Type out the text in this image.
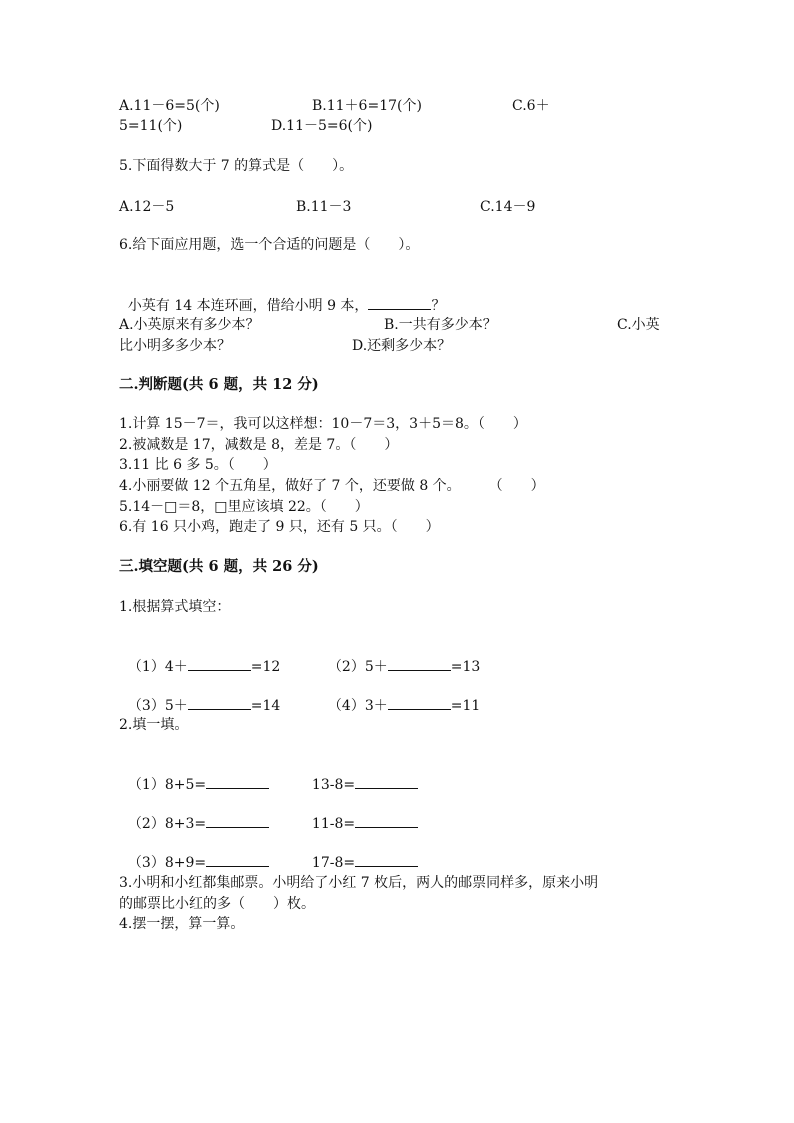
A.11－6=5(个)	B.11＋6=17(个)	C.6＋
5=11(个)	D.11－5=6(个)
5.下面得数大于 7 的算式是（　　）。
A.12－5	B.11－3	C.14－9
6.给下面应用题，选一个合适的问题是（　　）。

小英有 14 本连环画，借给小明 9 本，	？

A.小英原来有多少本？	B.一共有多少本？	C.小英
比小明多多少本？	D.还剩多少本？
二.判断题(共 6 题，共 12 分)
1.计算 15－7＝，我可以这样想：10－7＝3，3＋5＝8。（　　）
2.被减数是 17，减数是 8，差是 7。（　　）
3.11 比 6 多 5。（　　）
4.小丽要做 12 个五角星，做好了 7 个，还要做 8 个。　　　（　　）
5.14－□＝8，□里应该填 22。（　　）
6.有 16 只小鸡，跑走了 9 只，还有 5 只。（　　）
三.填空题(共 6 题，共 26 分)
1.根据算式填空：

（1）4＋	=12	（2）5＋	=13

（3）5＋	=14	（4）3＋	=11

2.填一填。

（1）8+5=	13-8=

（2）8+3=	11-8=

（3）8+9=	17-8=

3.小明和小红都集邮票。小明给了小红 7 枚后，两人的邮票同样多，原来小明
的邮票比小红的多（　　）枚。
4.摆一摆，算一算。
